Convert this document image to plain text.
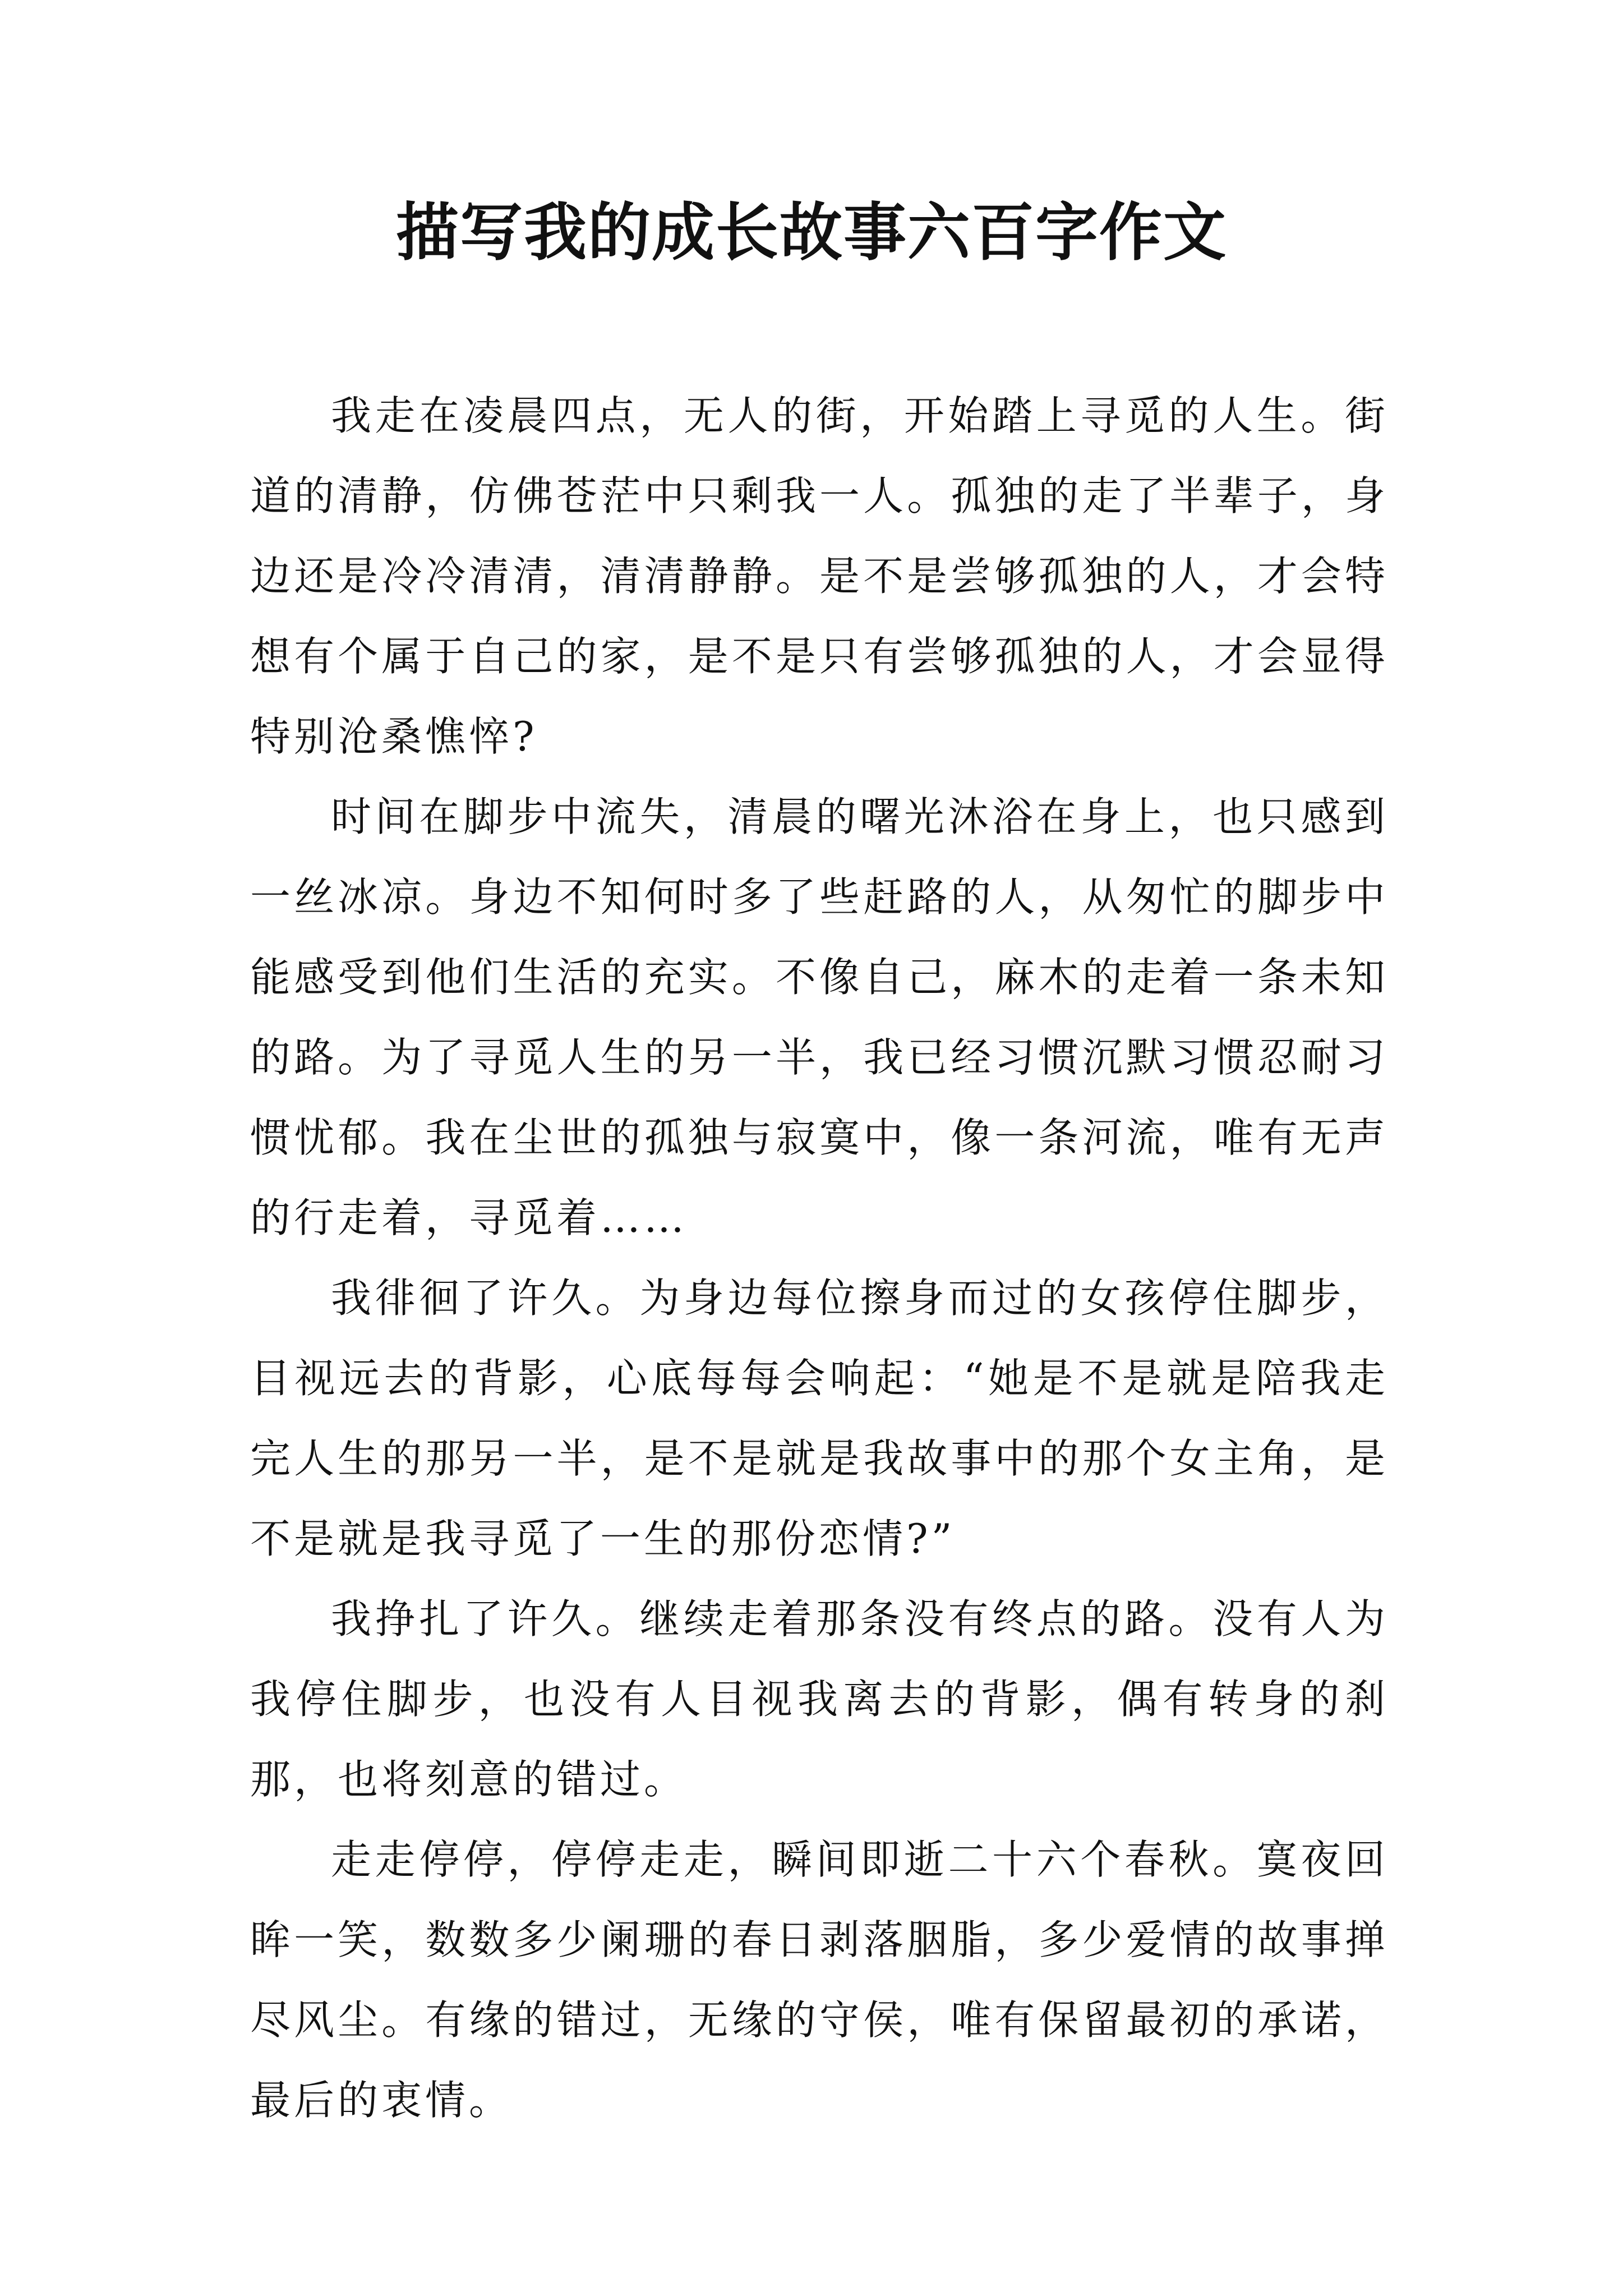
描写我的成长故事六百字作文

我走在凌晨四点，无人的街，开始踏上寻觅的人生。街道的清静，仿佛苍茫中只剩我一人。孤独的走了半辈子，身边还是冷冷清清，清清静静。是不是尝够孤独的人，才会特想有个属于自己的家，是不是只有尝够孤独的人，才会显得特别沧桑憔悴?

时间在脚步中流失，清晨的曙光沐浴在身上，也只感到一丝冰凉。身边不知何时多了些赶路的人，从匆忙的脚步中能感受到他们生活的充实。不像自己，麻木的走着一条未知的路。为了寻觅人生的另一半，我已经习惯沉默习惯忍耐习惯忧郁。我在尘世的孤独与寂寞中，像一条河流，唯有无声的行走着，寻觅着……

我徘徊了许久。为身边每位擦身而过的女孩停住脚步，目视远去的背影，心底每每会响起：“她是不是就是陪我走完人生的那另一半，是不是就是我故事中的那个女主角，是不是就是我寻觅了一生的那份恋情?”

我挣扎了许久。继续走着那条没有终点的路。没有人为我停住脚步，也没有人目视我离去的背影，偶有转身的刹那，也将刻意的错过。

走走停停，停停走走，瞬间即逝二十六个春秋。寞夜回眸一笑，数数多少阑珊的春日剥落胭脂，多少爱情的故事掸尽风尘。有缘的错过，无缘的守侯，唯有保留最初的承诺，最后的衷情。
